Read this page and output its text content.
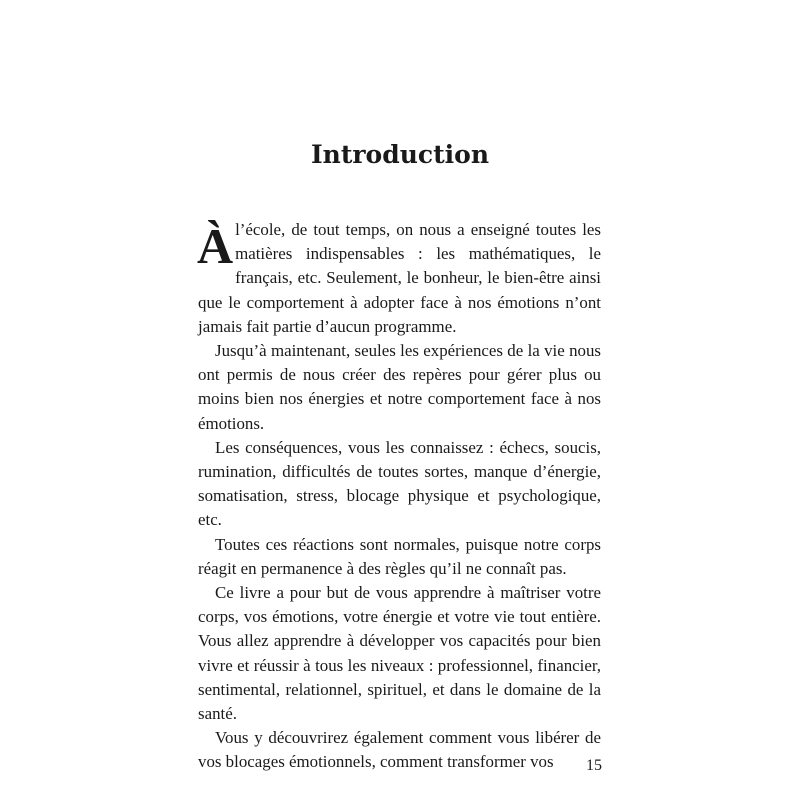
Introduction

À l’école, de tout temps, on nous a enseigné toutes les matières indispensables : les mathématiques, le français, etc. Seulement, le bonheur, le bien-être ainsi que le comportement à adopter face à nos émotions n’ont jamais fait partie d’aucun programme.

Jusqu’à maintenant, seules les expériences de la vie nous ont permis de nous créer des repères pour gérer plus ou moins bien nos énergies et notre comportement face à nos émotions.

Les conséquences, vous les connaissez : échecs, soucis, rumination, difficultés de toutes sortes, manque d’énergie, somatisation, stress, blocage physique et psychologique, etc.

Toutes ces réactions sont normales, puisque notre corps réagit en permanence à des règles qu’il ne connaît pas.

Ce livre a pour but de vous apprendre à maîtriser votre corps, vos émotions, votre énergie et votre vie tout entière. Vous allez apprendre à développer vos capacités pour bien vivre et réussir à tous les niveaux : professionnel, financier, sentimental, relationnel, spirituel, et dans le domaine de la santé.

Vous y découvrirez également comment vous libérer de vos blocages émotionnels, comment transformer vos	15
